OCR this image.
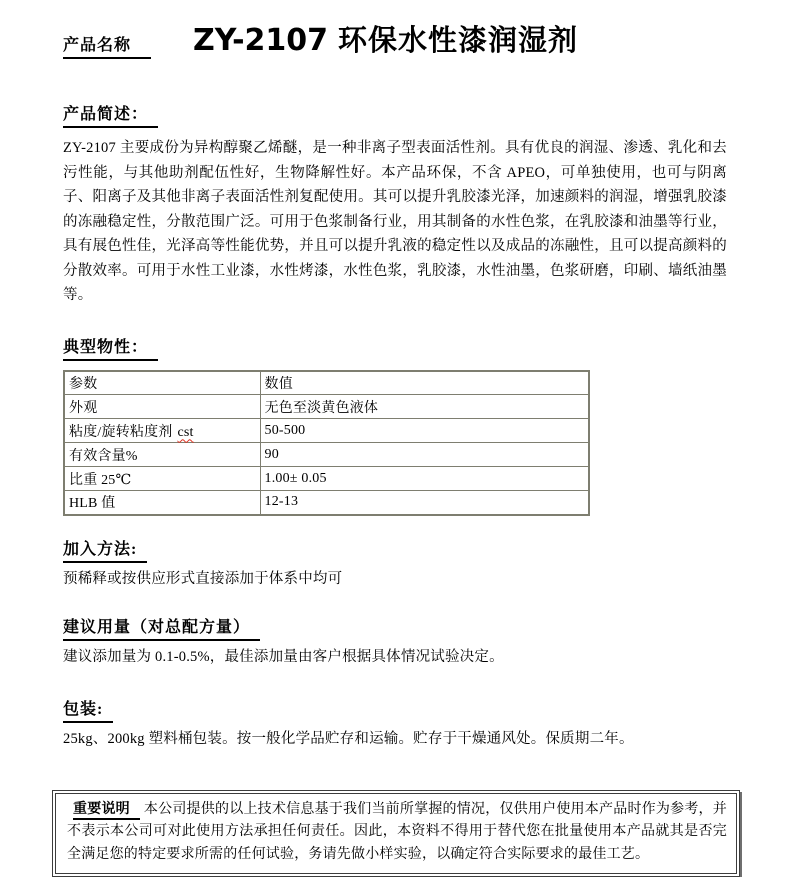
产品名称	ZY-2107 环保水性漆润湿剂
产品简述：
ZY-2107 主要成份为异构醇聚乙烯醚，是一种非离子型表面活性剂。具有优良的润湿、渗透、乳化和去污性能，与其他助剂配伍性好，生物降解性好。本产品环保，不含 APEO，可单独使用，也可与阴离子、阳离子及其他非离子表面活性剂复配使用。其可以提升乳胶漆光泽，加速颜料的润湿，增强乳胶漆的冻融稳定性，分散范围广泛。可用于色浆制备行业，用其制备的水性色浆，在乳胶漆和油墨等行业，具有展色性佳，光泽高等性能优势，并且可以提升乳液的稳定性以及成品的冻融性，且可以提高颜料的分散效率。可用于水性工业漆，水性烤漆，水性色浆，乳胶漆，水性油墨，色浆研磨，印刷、墙纸油墨等。
典型物性：
参数	数值
外观	无色至淡黄色液体
粘度/旋转粘度剂 cst	50-500
有效含量%	90
比重 25℃	1.00± 0.05
HLB 值	12-13
加入方法:
预稀释或按供应形式直接添加于体系中均可
建议用量（对总配方量）
建议添加量为 0.1-0.5%，最佳添加量由客户根据具体情况试验决定。
包装:
25kg、200kg 塑料桶包装。按一般化学品贮存和运输。贮存于干燥通风处。保质期二年。
重要说明 本公司提供的以上技术信息基于我们当前所掌握的情况，仅供用户使用本产品时作为参考，并不表示本公司可对此使用方法承担任何责任。因此，本资料不得用于替代您在批量使用本产品就其是否完全满足您的特定要求所需的任何试验，务请先做小样实验，以确定符合实际要求的最佳工艺。
